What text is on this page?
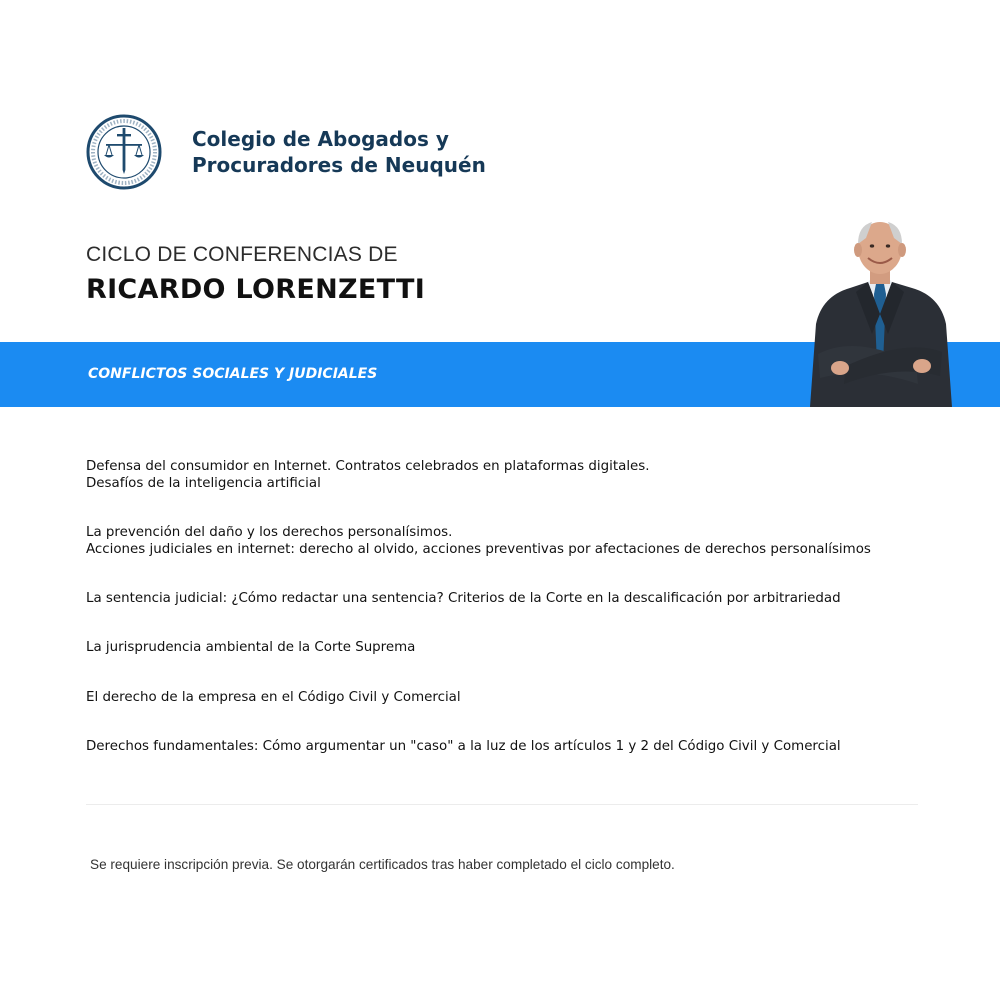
Colegio de Abogados y
Procuradores de Neuquén
CICLO DE CONFERENCIAS DE
RICARDO LORENZETTI
CONFLICTOS SOCIALES Y JUDICIALES
Defensa del consumidor en Internet. Contratos celebrados en plataformas digitales.
Desafíos de la inteligencia artificial
La prevención del daño y los derechos personalísimos.
Acciones judiciales en internet: derecho al olvido, acciones preventivas por afectaciones de derechos personalísimos
La sentencia judicial: ¿Cómo redactar una sentencia? Criterios de la Corte en la descalificación por arbitrariedad
La jurisprudencia ambiental de la Corte Suprema
El derecho de la empresa en el Código Civil y Comercial
Derechos fundamentales: Cómo argumentar un "caso" a la luz de los artículos 1 y 2 del Código Civil y Comercial
Se requiere inscripción previa. Se otorgarán certificados tras haber completado el ciclo completo.
